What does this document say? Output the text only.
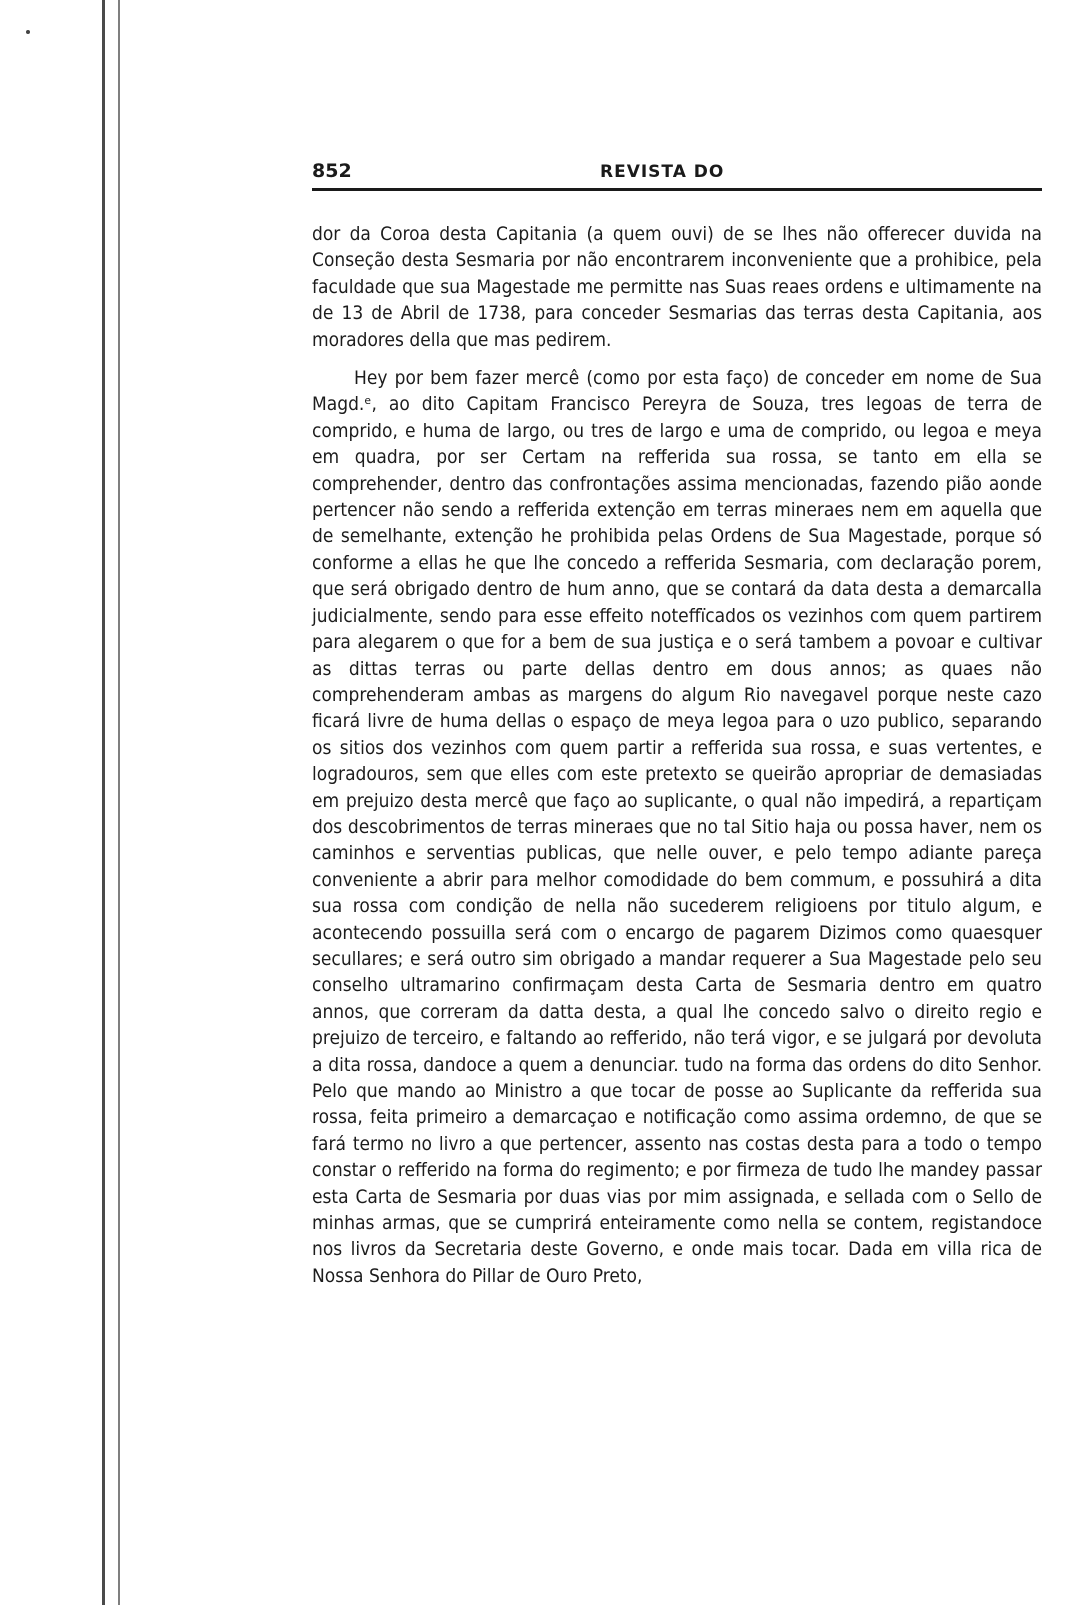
852	REVISTA DO

dor da Coroa desta Capitania (a quem ouvi) de se lhes não offerecer duvida na Conseção desta Sesmaria por não encontrarem inconveniente que a prohibice, pela faculdade que sua Magestade me permitte nas Suas reaes ordens e ultimamente na de 13 de Abril de 1738, para conceder Sesmarias das terras desta Capitania, aos moradores della que mas pedirem.

Hey por bem fazer mercê (como por esta faço) de conceder em nome de Sua Magd.ᵉ, ao dito Capitam Francisco Pereyra de Souza, tres legoas de terra de comprido, e huma de largo, ou tres de largo e uma de comprido, ou legoa e meya em quadra, por ser Certam na refferida sua rossa, se tanto em ella se comprehender, dentro das confrontações assima mencionadas, fazendo pião aonde pertencer não sendo a refferida extenção em terras mineraes nem em aquella que de semelhante, extenção he prohibida pelas Ordens de Sua Magestade, porque só conforme a ellas he que lhe concedo a refferida Sesmaria, com declaração porem, que será obrigado dentro de hum anno, que se contará da data desta a demarcalla judicialmente, sendo para esse effeito noteffïcados os vezinhos com quem partirem para alegarem o que for a bem de sua justiça e o será tambem a povoar e cultivar as dittas terras ou parte dellas dentro em dous annos; as quaes não comprehenderam ambas as margens do algum Rio navegavel porque neste cazo ficará livre de huma dellas o espaço de meya legoa para o uzo publico, separando os sitios dos vezinhos com quem partir a refferida sua rossa, e suas vertentes, e logradouros, sem que elles com este pretexto se queirão apropriar de demasiadas em prejuizo desta mercê que faço ao suplicante, o qual não impedirá, a repartiçam dos descobrimentos de terras mineraes que no tal Sitio haja ou possa haver, nem os caminhos e serventias publicas, que nelle ouver, e pelo tempo adiante pareça conveniente a abrir para melhor comodidade do bem commum, e possuhirá a dita sua rossa com condição de nella não sucederem religioens por titulo algum, e acontecendo possuilla será com o encargo de pagarem Dizimos como quaesquer secullares; e será outro sim obrigado a mandar requerer a Sua Magestade pelo seu conselho ultramarino confirmaçam desta Carta de Sesmaria dentro em quatro annos, que correram da datta desta, a qual lhe concedo salvo o direito regio e prejuizo de terceiro, e faltando ao refferido, não terá vigor, e se julgará por devoluta a dita rossa, dandoce a quem a denunciar. tudo na forma das ordens do dito Senhor. Pelo que mando ao Ministro a que tocar de posse ao Suplicante da refferida sua rossa, feita primeiro a demarcaçao e notificação como assima ordemno, de que se fará termo no livro a que pertencer, assento nas costas desta para a todo o tempo constar o refferido na forma do regimento; e por firmeza de tudo lhe mandey passar esta Carta de Sesmaria por duas vias por mim assignada, e sellada com o Sello de minhas armas, que se cumprirá enteiramente como nella se contem, registandoce nos livros da Secretaria deste Governo, e onde mais tocar. Dada em villa rica de Nossa Senhora do Pillar de Ouro Preto,
